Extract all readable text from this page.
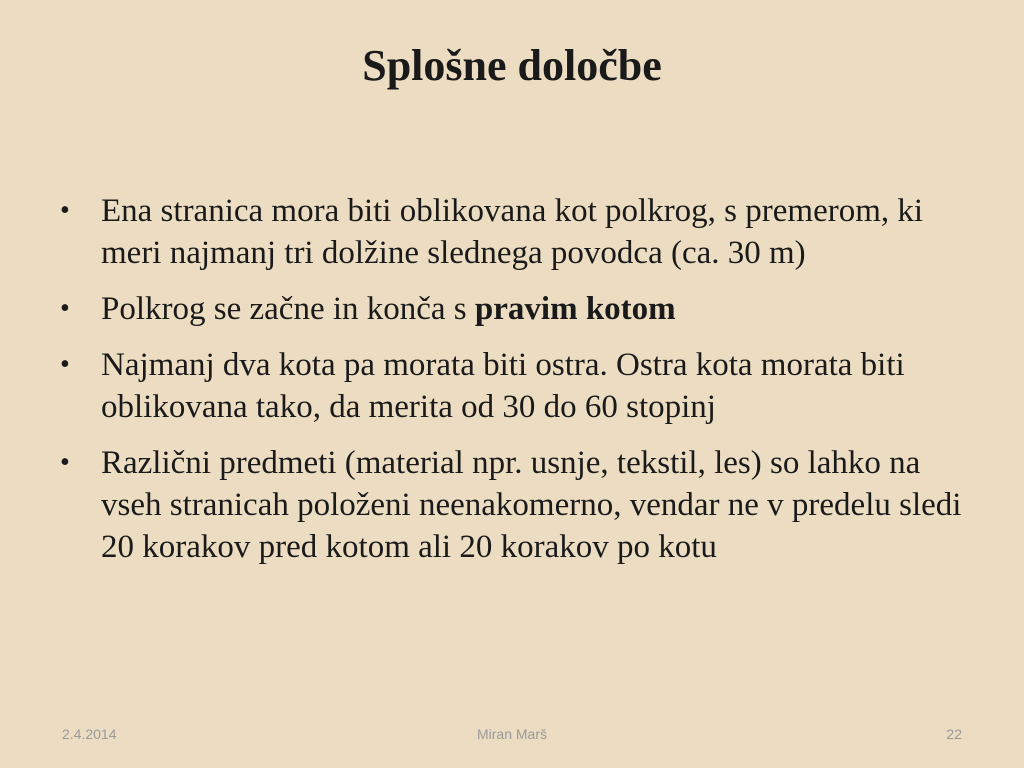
Splošne določbe
• Ena stranica mora biti oblikovana kot polkrog, s premerom, ki meri najmanj tri dolžine slednega povodca (ca. 30 m)
• Polkrog se začne in konča s pravim kotom
• Najmanj dva kota pa morata biti ostra. Ostra kota morata biti oblikovana tako, da merita od 30 do 60 stopinj
• Različni predmeti (material npr. usnje, tekstil, les) so lahko na vseh stranicah položeni neenakomerno, vendar ne v predelu sledi 20 korakov pred kotom ali 20 korakov po kotu
2.4.2014	Miran Marš	22
